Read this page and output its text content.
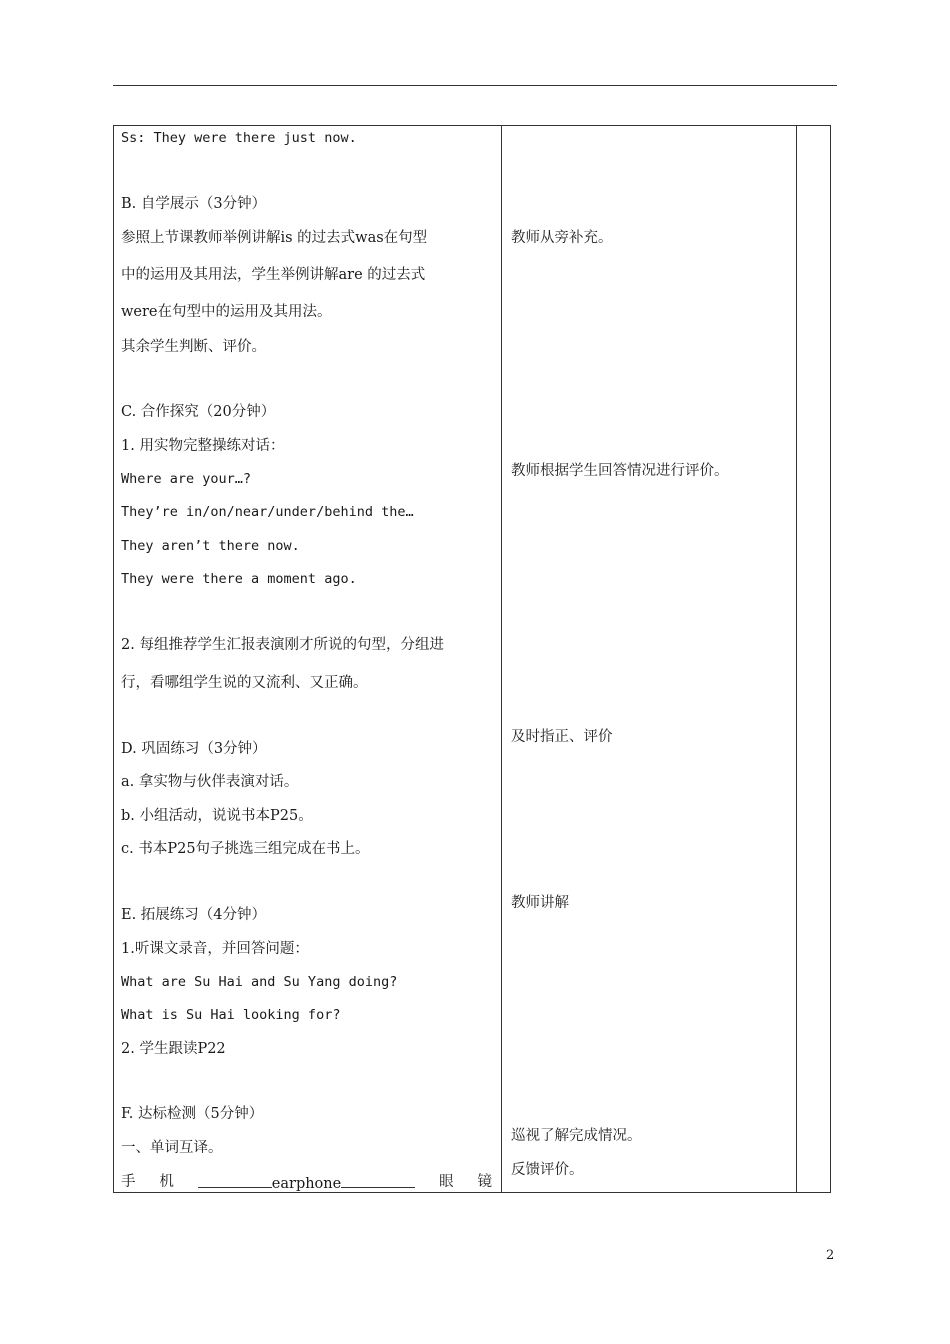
Ss: They were there just now.
B. 自学展示（3分钟）
参照上节课教师举例讲解is 的过去式was在句型
中的运用及其用法，学生举例讲解are 的过去式
were在句型中的运用及其用法。
其余学生判断、评价。
C. 合作探究（20分钟）
1. 用实物完整操练对话：
Where are your…?
They’re in/on/near/under/behind the…
They aren’t there now.
They were there a moment ago.
2. 每组推荐学生汇报表演刚才所说的句型，分组进
行，看哪组学生说的又流利、又正确。
D. 巩固练习（3分钟）
a. 拿实物与伙伴表演对话。
b. 小组活动，说说书本P25。
c. 书本P25句子挑选三组完成在书上。
E. 拓展练习（4分钟）
1.听课文录音，并回答问题：
What are Su Hai and Su Yang doing?
What is Su Hai looking for?
2. 学生跟读P22
F. 达标检测（5分钟）
一、单词互译。
教师从旁补充。
教师根据学生回答情况进行评价。
及时指正、评价
教师讲解
巡视了解完成情况。
反馈评价。
手 机	earphone	眼 镜
2
